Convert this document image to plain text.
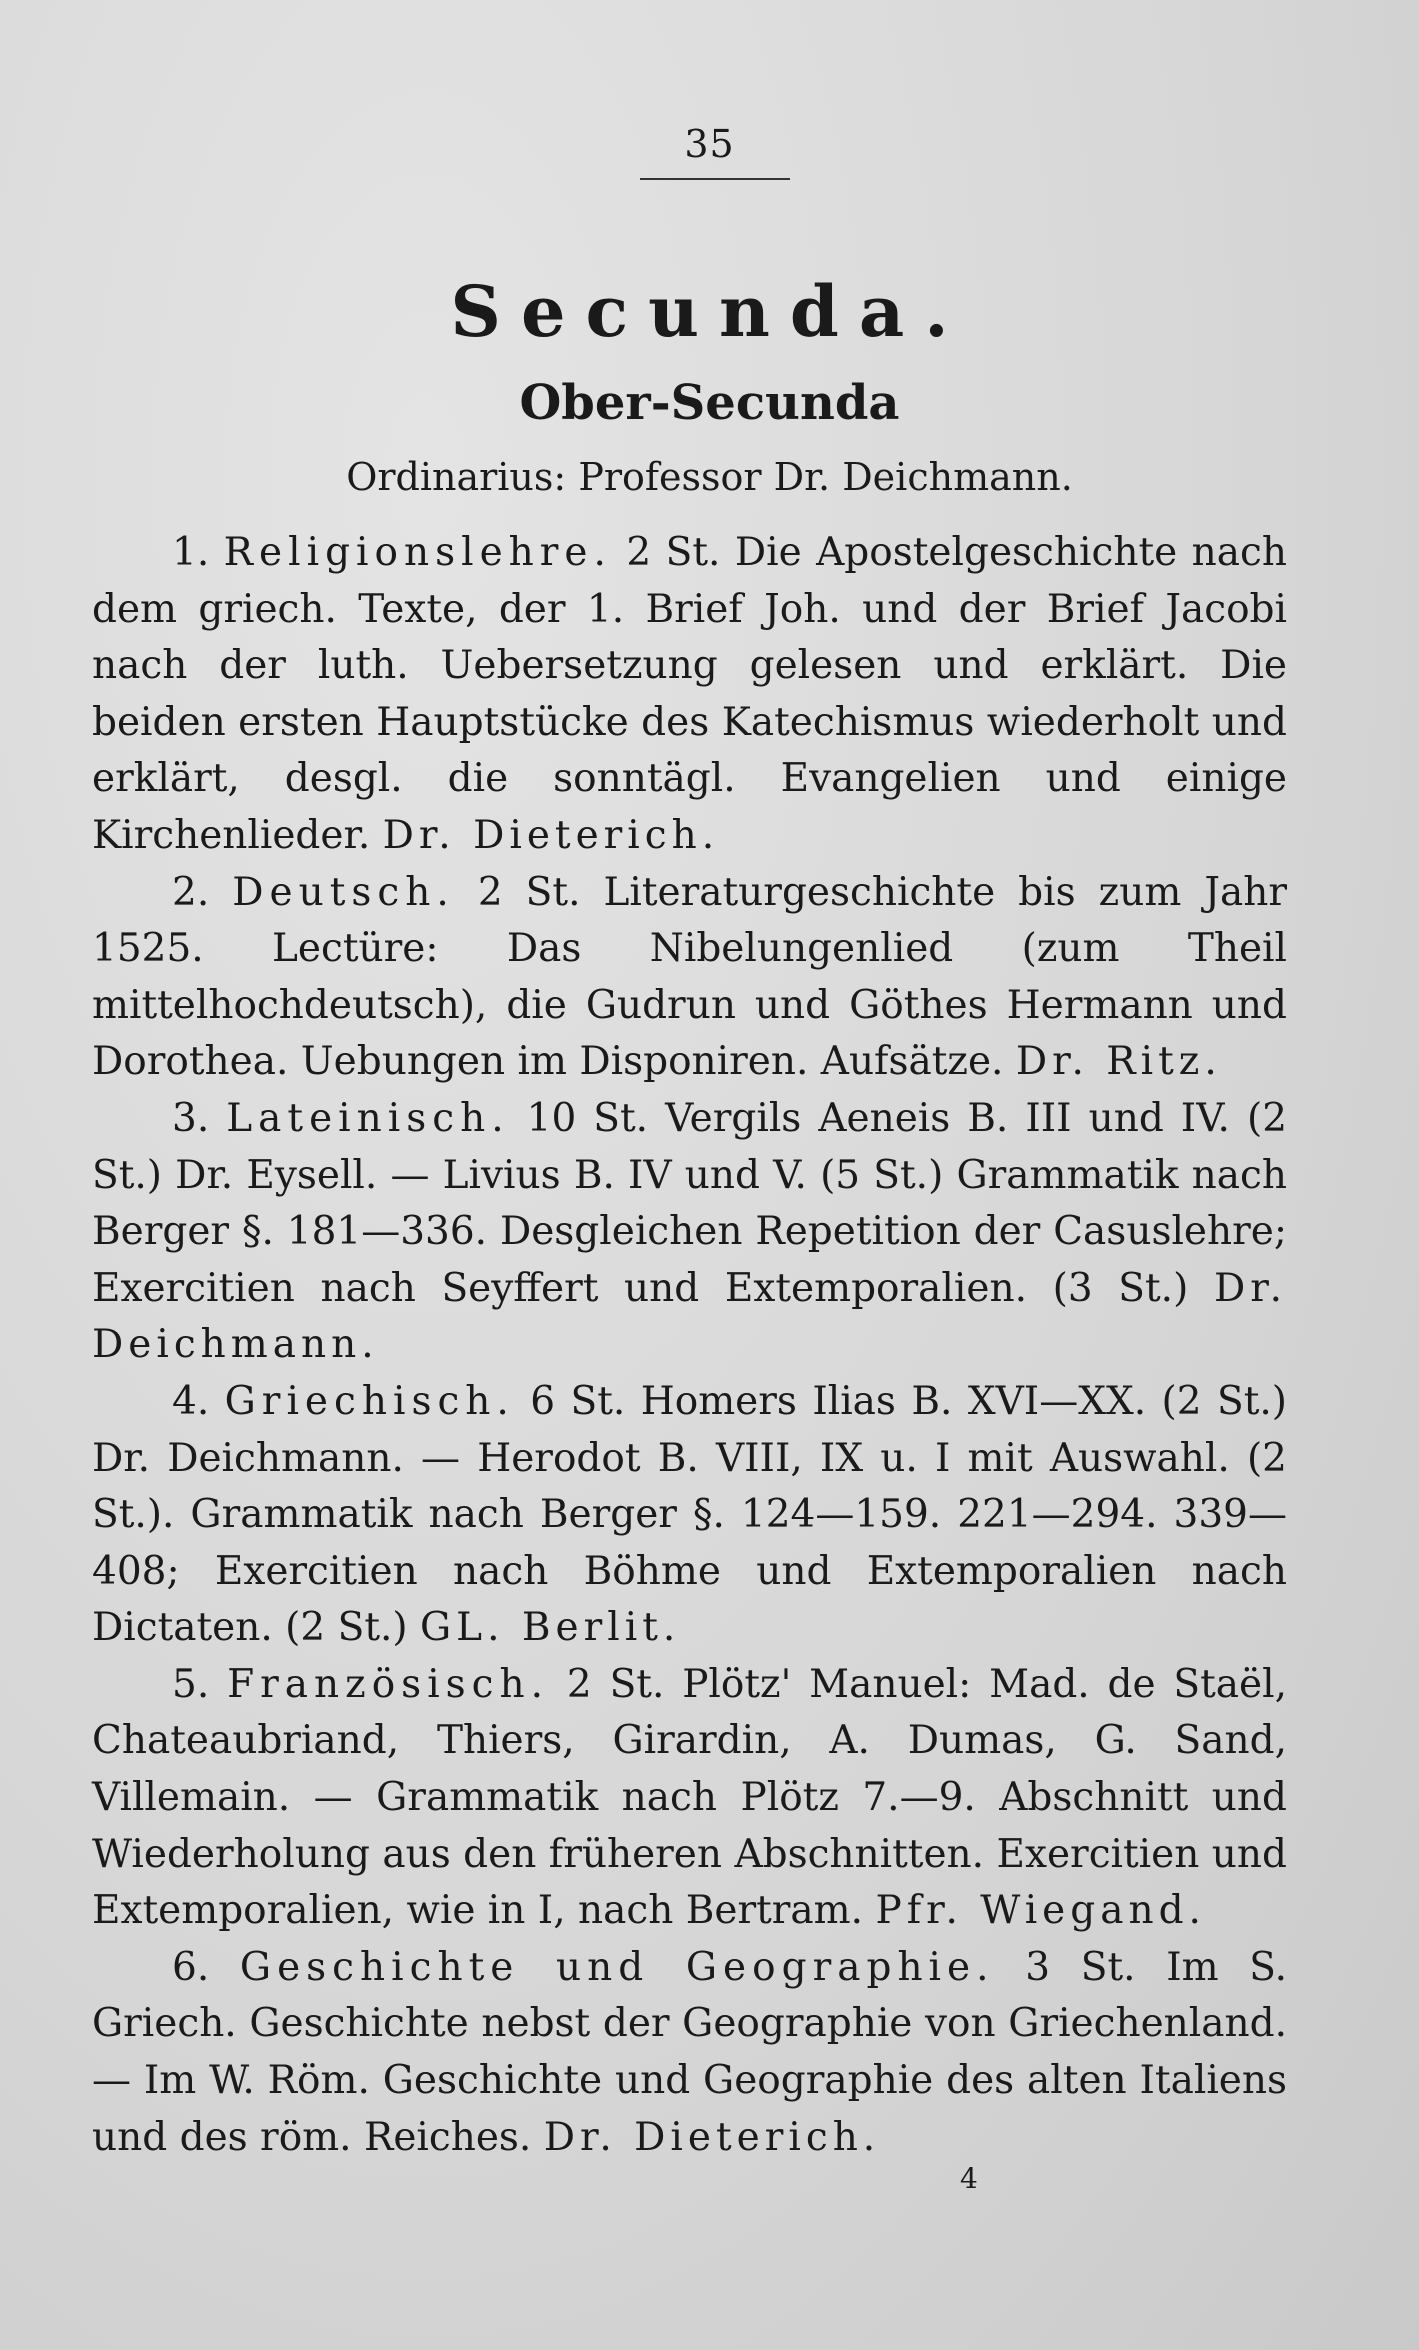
35
Secunda.
Ober-Secunda
Ordinarius: Professor Dr. Deichmann.

1. Religionslehre. 2 St. Die Apostelgeschichte nach dem griech. Texte, der 1. Brief Joh. und der Brief Jacobi nach der luth. Uebersetzung gelesen und erklärt. Die beiden ersten Hauptstücke des Katechismus wiederholt und erklärt, desgl. die sonntägl. Evangelien und einige Kirchenlieder. Dr. Dieterich.

2. Deutsch. 2 St. Literaturgeschichte bis zum Jahr 1525. Lectüre: Das Nibelungenlied (zum Theil mittelhochdeutsch), die Gudrun und Göthes Hermann und Dorothea. Uebungen im Disponiren. Aufsätze. Dr. Ritz.

3. Lateinisch. 10 St. Vergils Aeneis B. III und IV. (2 St.) Dr. Eysell. — Livius B. IV und V. (5 St.) Grammatik nach Berger §. 181—336. Desgleichen Repetition der Casuslehre; Exercitien nach Seyffert und Extemporalien. (3 St.) Dr. Deichmann.

4. Griechisch. 6 St. Homers Ilias B. XVI—XX. (2 St.) Dr. Deichmann. — Herodot B. VIII, IX u. I mit Auswahl. (2 St.). Grammatik nach Berger §. 124—159. 221—294. 339—408; Exercitien nach Böhme und Extemporalien nach Dictaten. (2 St.) GL. Berlit.

5. Französisch. 2 St. Plötz' Manuel: Mad. de Staël, Chateaubriand, Thiers, Girardin, A. Dumas, G. Sand, Villemain. — Grammatik nach Plötz 7.—9. Abschnitt und Wiederholung aus den früheren Abschnitten. Exercitien und Extemporalien, wie in I, nach Bertram. Pfr. Wiegand.

6. Geschichte und Geographie. 3 St. Im S. Griech. Geschichte nebst der Geographie von Griechenland. — Im W. Röm. Geschichte und Geographie des alten Italiens und des röm. Reiches. Dr. Dieterich.

4
